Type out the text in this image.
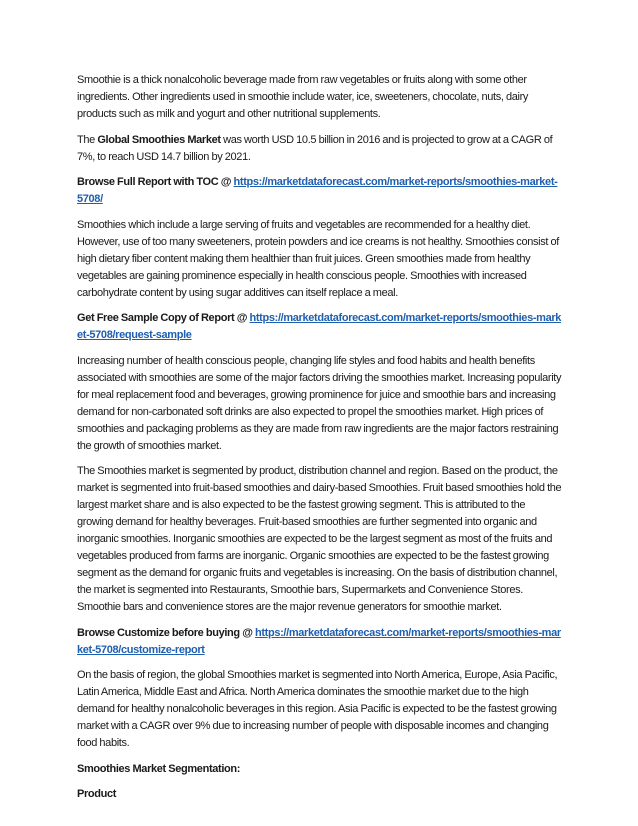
Smoothie is a thick nonalcoholic beverage made from raw vegetables or fruits along with some other ingredients. Other ingredients used in smoothie include water, ice, sweeteners, chocolate, nuts, dairy products such as milk and yogurt and other nutritional supplements.

The Global Smoothies Market was worth USD 10.5 billion in 2016 and is projected to grow at a CAGR of 7%, to reach USD 14.7 billion by 2021.

Browse Full Report with TOC @ https://marketdataforecast.com/market-reports/smoothies-market-5708/

Smoothies which include a large serving of fruits and vegetables are recommended for a healthy diet. However, use of too many sweeteners, protein powders and ice creams is not healthy. Smoothies consist of high dietary fiber content making them healthier than fruit juices. Green smoothies made from healthy vegetables are gaining prominence especially in health conscious people. Smoothies with increased carbohydrate content by using sugar additives can itself replace a meal.

Get Free Sample Copy of Report @ https://marketdataforecast.com/market-reports/smoothies-market-5708/request-sample

Increasing number of health conscious people, changing life styles and food habits and health benefits associated with smoothies are some of the major factors driving the smoothies market. Increasing popularity for meal replacement food and beverages, growing prominence for juice and smoothie bars and increasing demand for non-carbonated soft drinks are also expected to propel the smoothies market. High prices of smoothies and packaging problems as they are made from raw ingredients are the major factors restraining the growth of smoothies market.

The Smoothies market is segmented by product, distribution channel and region. Based on the product, the market is segmented into fruit-based smoothies and dairy-based Smoothies. Fruit based smoothies hold the largest market share and is also expected to be the fastest growing segment. This is attributed to the growing demand for healthy beverages. Fruit-based smoothies are further segmented into organic and inorganic smoothies. Inorganic smoothies are expected to be the largest segment as most of the fruits and vegetables produced from farms are inorganic. Organic smoothies are expected to be the fastest growing segment as the demand for organic fruits and vegetables is increasing. On the basis of distribution channel, the market is segmented into Restaurants, Smoothie bars, Supermarkets and Convenience Stores. Smoothie bars and convenience stores are the major revenue generators for smoothie market.

Browse Customize before buying @ https://marketdataforecast.com/market-reports/smoothies-market-5708/customize-report

On the basis of region, the global Smoothies market is segmented into North America, Europe, Asia Pacific, Latin America, Middle East and Africa. North America dominates the smoothie market due to the high demand for healthy nonalcoholic beverages in this region. Asia Pacific is expected to be the fastest growing market with a CAGR over 9% due to increasing number of people with disposable incomes and changing food habits.

Smoothies Market Segmentation:

Product
